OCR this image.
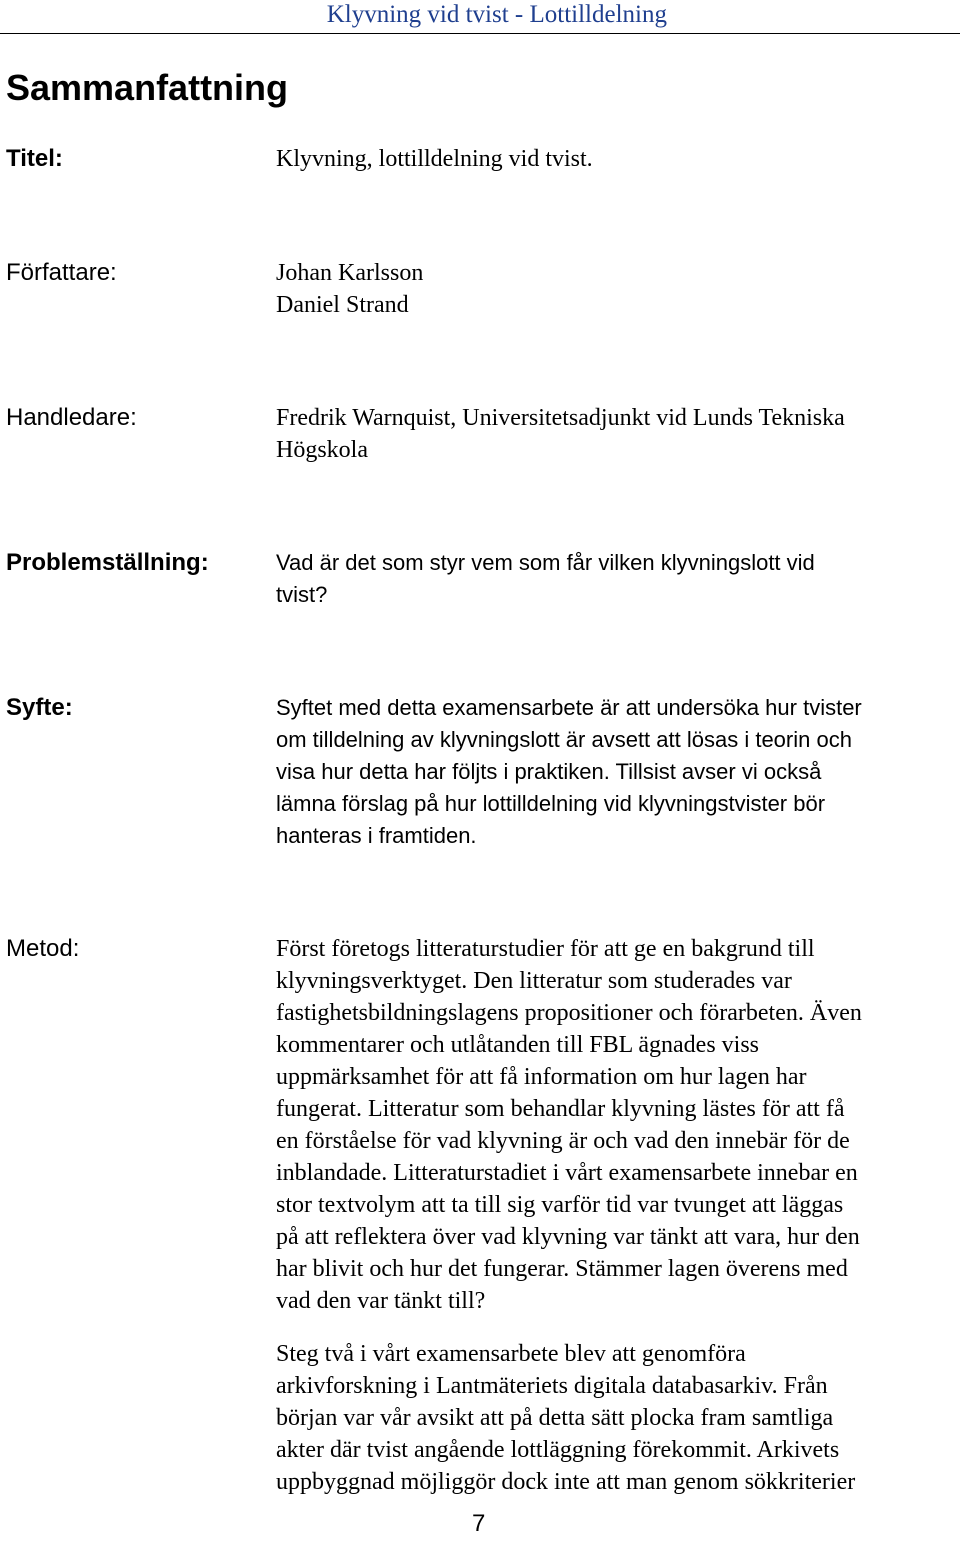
Klyvning vid tvist - Lottilldelning
Sammanfattning
Titel:	Klyvning, lottilldelning vid tvist.
Författare:	Johan Karlsson
Daniel Strand
Handledare:	Fredrik Warnquist, Universitetsadjunkt vid Lunds Tekniska
Högskola
Problemställning:	Vad är det som styr vem som får vilken klyvningslott vid
tvist?
Syfte:	Syftet med detta examensarbete är att undersöka hur tvister
om tilldelning av klyvningslott är avsett att lösas i teorin och
visa hur detta har följts i praktiken. Tillsist avser vi också
lämna förslag på hur lottilldelning vid klyvningstvister bör
hanteras i framtiden.
Metod:	Först företogs litteraturstudier för att ge en bakgrund till
klyvningsverktyget. Den litteratur som studerades var
fastighetsbildningslagens propositioner och förarbeten. Även
kommentarer och utlåtanden till FBL ägnades viss
uppmärksamhet för att få information om hur lagen har
fungerat. Litteratur som behandlar klyvning lästes för att få
en förståelse för vad klyvning är och vad den innebär för de
inblandade. Litteraturstadiet i vårt examensarbete innebar en
stor textvolym att ta till sig varför tid var tvunget att läggas
på att reflektera över vad klyvning var tänkt att vara, hur den
har blivit och hur det fungerar. Stämmer lagen överens med
vad den var tänkt till?
Steg två i vårt examensarbete blev att genomföra
arkivforskning i Lantmäteriets digitala databasarkiv. Från
början var vår avsikt att på detta sätt plocka fram samtliga
akter där tvist angående lottläggning förekommit. Arkivets
uppbyggnad möjliggör dock inte att man genom sökkriterier
7
